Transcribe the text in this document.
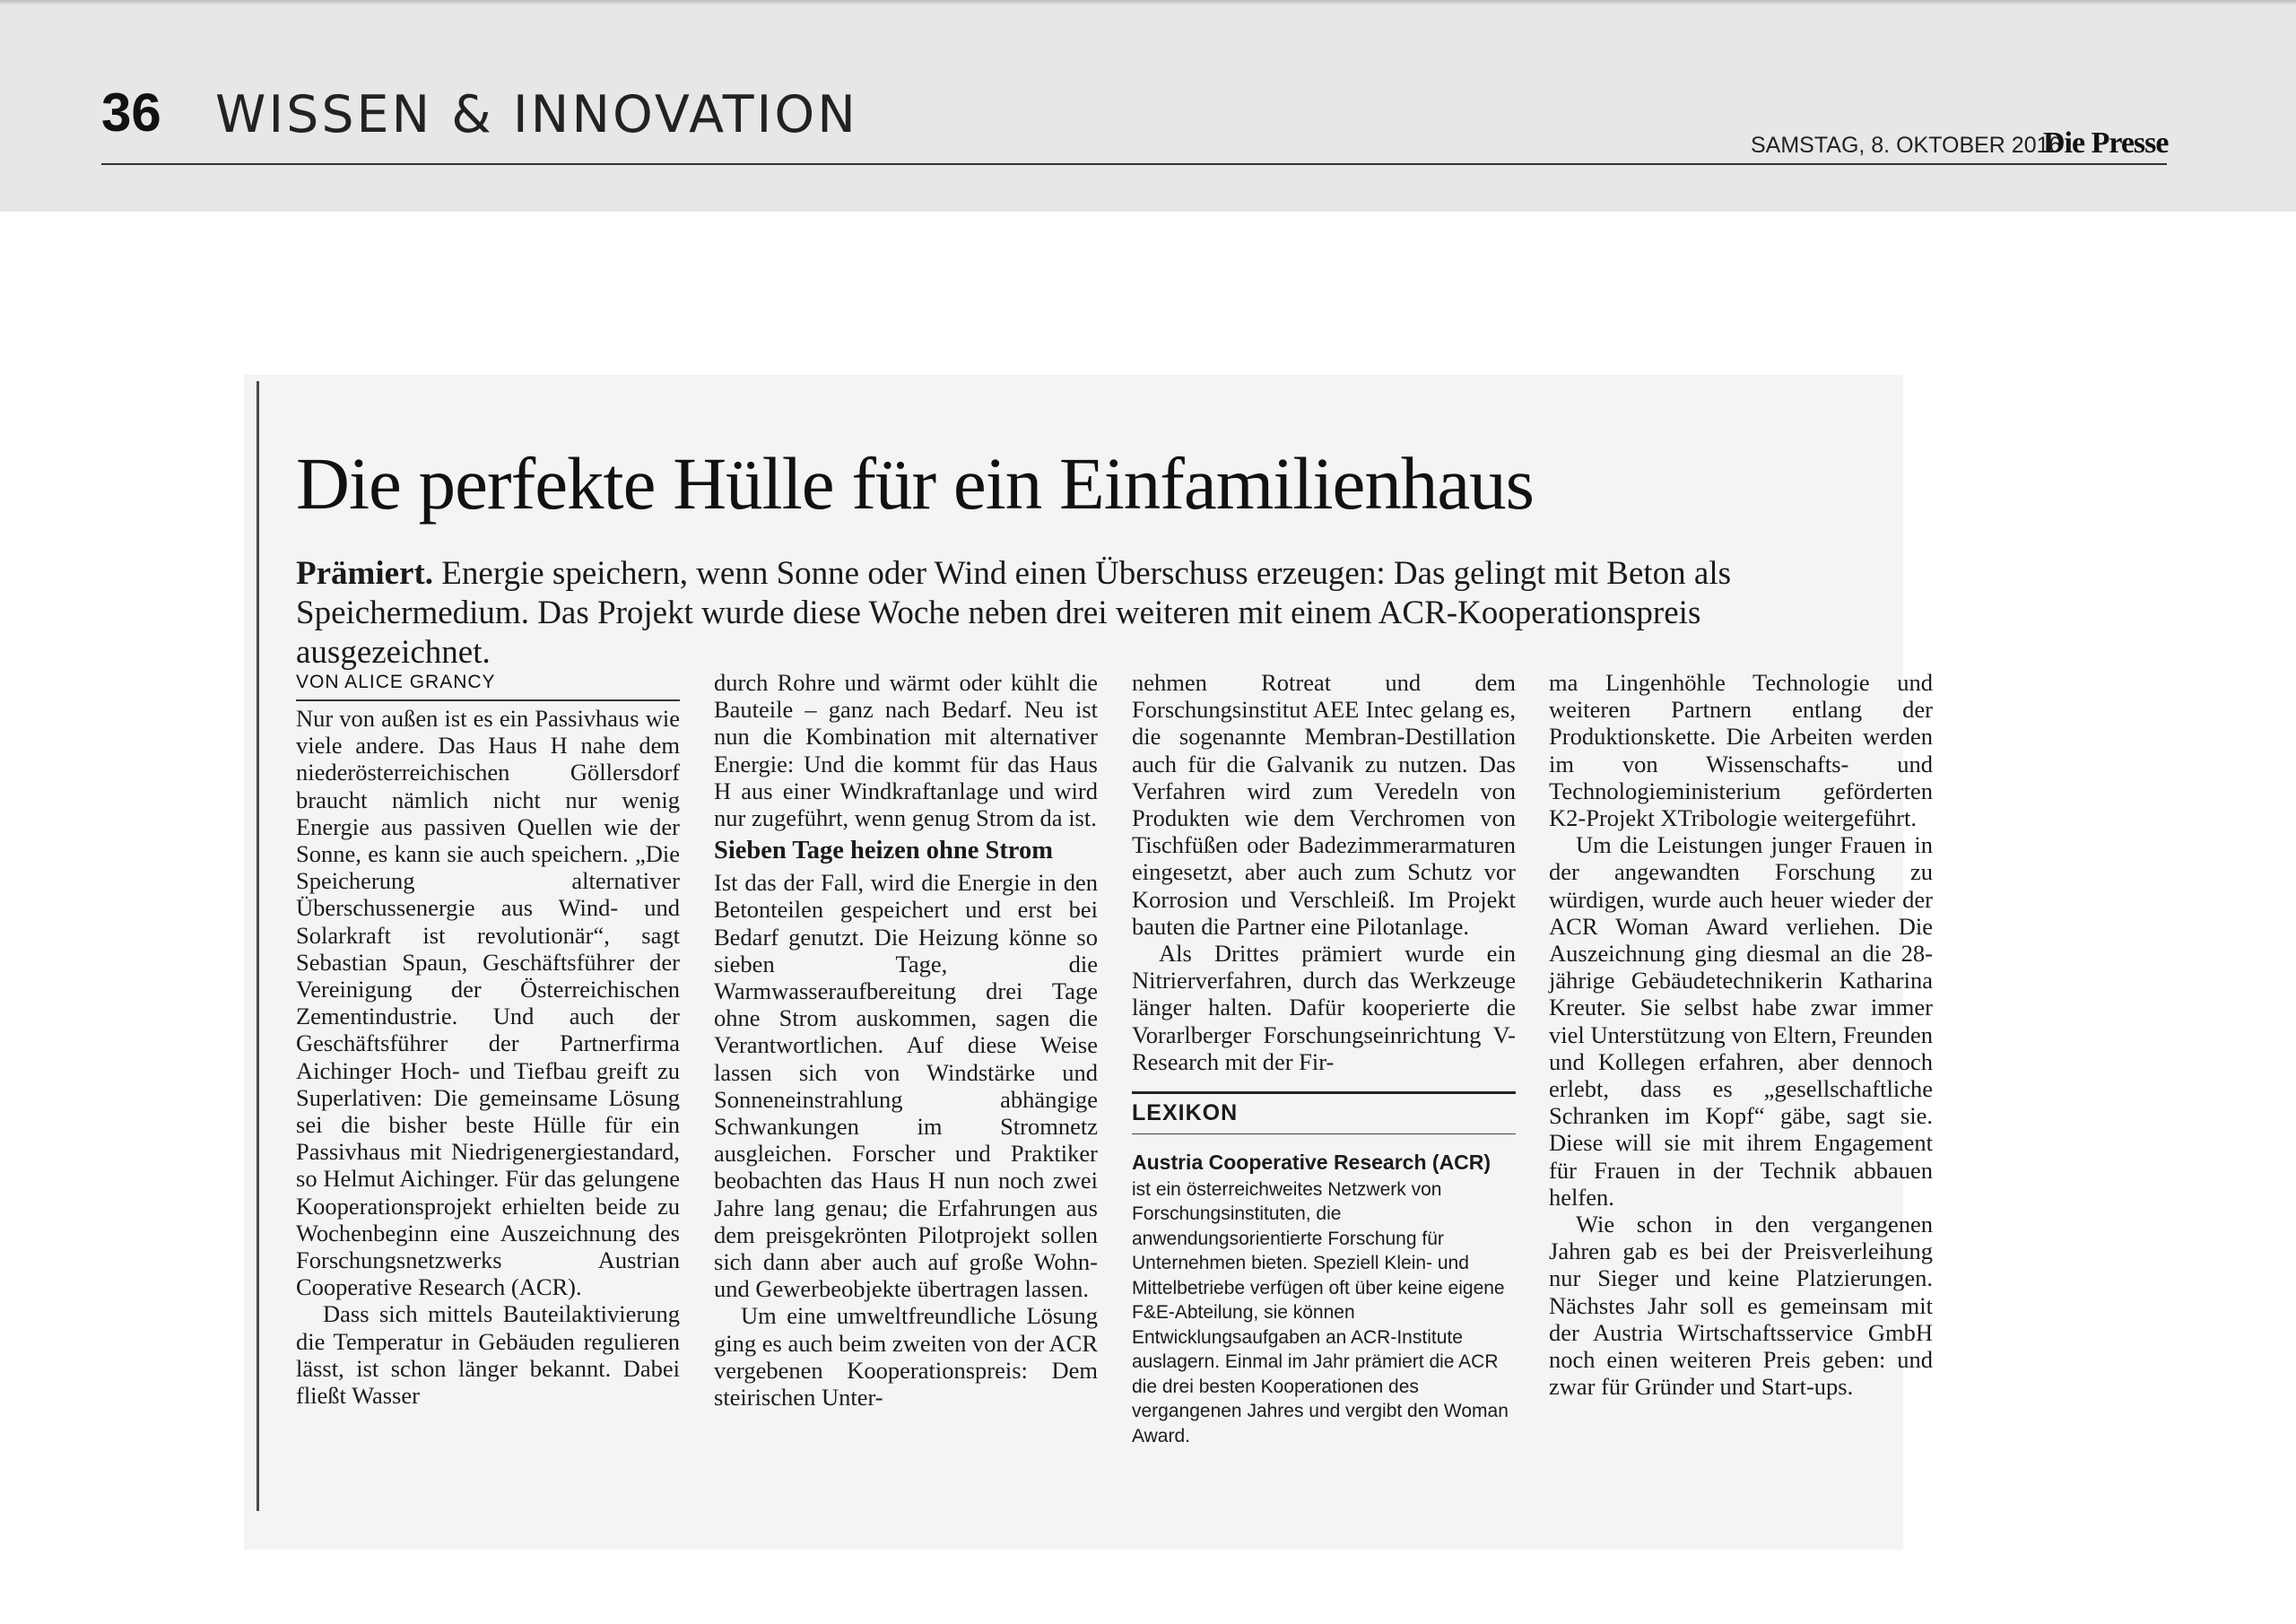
36 WISSEN & INNOVATION
SAMSTAG, 8. OKTOBER 2016
Die Presse
Die perfekte Hülle für ein Einfamilienhaus
Prämiert. Energie speichern, wenn Sonne oder Wind einen Überschuss erzeugen: Das gelingt mit Beton als Speichermedium. Das Projekt wurde diese Woche neben drei weiteren mit einem ACR-Kooperationspreis ausgezeichnet.
VON ALICE GRANCY

Nur von außen ist es ein Passivhaus wie viele andere. Das Haus H nahe dem niederösterreichischen Göllersdorf braucht nämlich nicht nur wenig Energie aus passiven Quellen wie der Sonne, es kann sie auch speichern. „Die Speicherung alternativer Überschussenergie aus Wind- und Solarkraft ist revolutionär“, sagt Sebastian Spaun, Geschäftsführer der Vereinigung der Österreichischen Zementindustrie. Und auch der Geschäftsführer der Partnerfirma Aichinger Hoch- und Tiefbau greift zu Superlativen: Die gemeinsame Lösung sei die bisher beste Hülle für ein Passivhaus mit Niedrigenergiestandard, so Helmut Aichinger. Für das gelungene Kooperationsprojekt erhielten beide zu Wochenbeginn eine Auszeichnung des Forschungsnetzwerks Austrian Cooperative Research (ACR).

Dass sich mittels Bauteilaktivierung die Temperatur in Gebäuden regulieren lässt, ist schon länger bekannt. Dabei fließt Wasser

durch Rohre und wärmt oder kühlt die Bauteile – ganz nach Bedarf. Neu ist nun die Kombination mit alternativer Energie: Und die kommt für das Haus H aus einer Windkraftanlage und wird nur zugeführt, wenn genug Strom da ist.

Sieben Tage heizen ohne Strom

Ist das der Fall, wird die Energie in den Betonteilen gespeichert und erst bei Bedarf genutzt. Die Heizung könne so sieben Tage, die Warmwasseraufbereitung drei Tage ohne Strom auskommen, sagen die Verantwortlichen. Auf diese Weise lassen sich von Windstärke und Sonneneinstrahlung abhängige Schwankungen im Stromnetz ausgleichen. Forscher und Praktiker beobachten das Haus H nun noch zwei Jahre lang genau; die Erfahrungen aus dem preisgekrönten Pilotprojekt sollen sich dann aber auch auf große Wohn- und Gewerbeobjekte übertragen lassen.

Um eine umweltfreundliche Lösung ging es auch beim zweiten von der ACR vergebenen Kooperationspreis: Dem steirischen Unter-

nehmen Rotreat und dem Forschungsinstitut AEE Intec gelang es, die sogenannte Membran-Destillation auch für die Galvanik zu nutzen. Das Verfahren wird zum Veredeln von Produkten wie dem Verchromen von Tischfüßen oder Badezimmerarmaturen eingesetzt, aber auch zum Schutz vor Korrosion und Verschleiß. Im Projekt bauten die Partner eine Pilotanlage.

Als Drittes prämiert wurde ein Nitrierverfahren, durch das Werkzeuge länger halten. Dafür kooperierte die Vorarlberger Forschungseinrichtung V-Research mit der Fir-

LEXIKON
Austria Cooperative Research (ACR)
ist ein österreichweites Netzwerk von Forschungsinstituten, die anwendungsorientierte Forschung für Unternehmen bieten. Speziell Klein- und Mittelbetriebe verfügen oft über keine eigene F&E-Abteilung, sie können Entwicklungsaufgaben an ACR-Institute auslagern. Einmal im Jahr prämiert die ACR die drei besten Kooperationen des vergangenen Jahres und vergibt den Woman Award.

ma Lingenhöhle Technologie und weiteren Partnern entlang der Produktionskette. Die Arbeiten werden im von Wissenschafts- und Technologieministerium geförderten K2-Projekt XTribologie weitergeführt.

Um die Leistungen junger Frauen in der angewandten Forschung zu würdigen, wurde auch heuer wieder der ACR Woman Award verliehen. Die Auszeichnung ging diesmal an die 28-jährige Gebäudetechnikerin Katharina Kreuter. Sie selbst habe zwar immer viel Unterstützung von Eltern, Freunden und Kollegen erfahren, aber dennoch erlebt, dass es „gesellschaftliche Schranken im Kopf“ gäbe, sagt sie. Diese will sie mit ihrem Engagement für Frauen in der Technik abbauen helfen.

Wie schon in den vergangenen Jahren gab es bei der Preisverleihung nur Sieger und keine Platzierungen. Nächstes Jahr soll es gemeinsam mit der Austria Wirtschaftsservice GmbH noch einen weiteren Preis geben: und zwar für Gründer und Start-ups.
